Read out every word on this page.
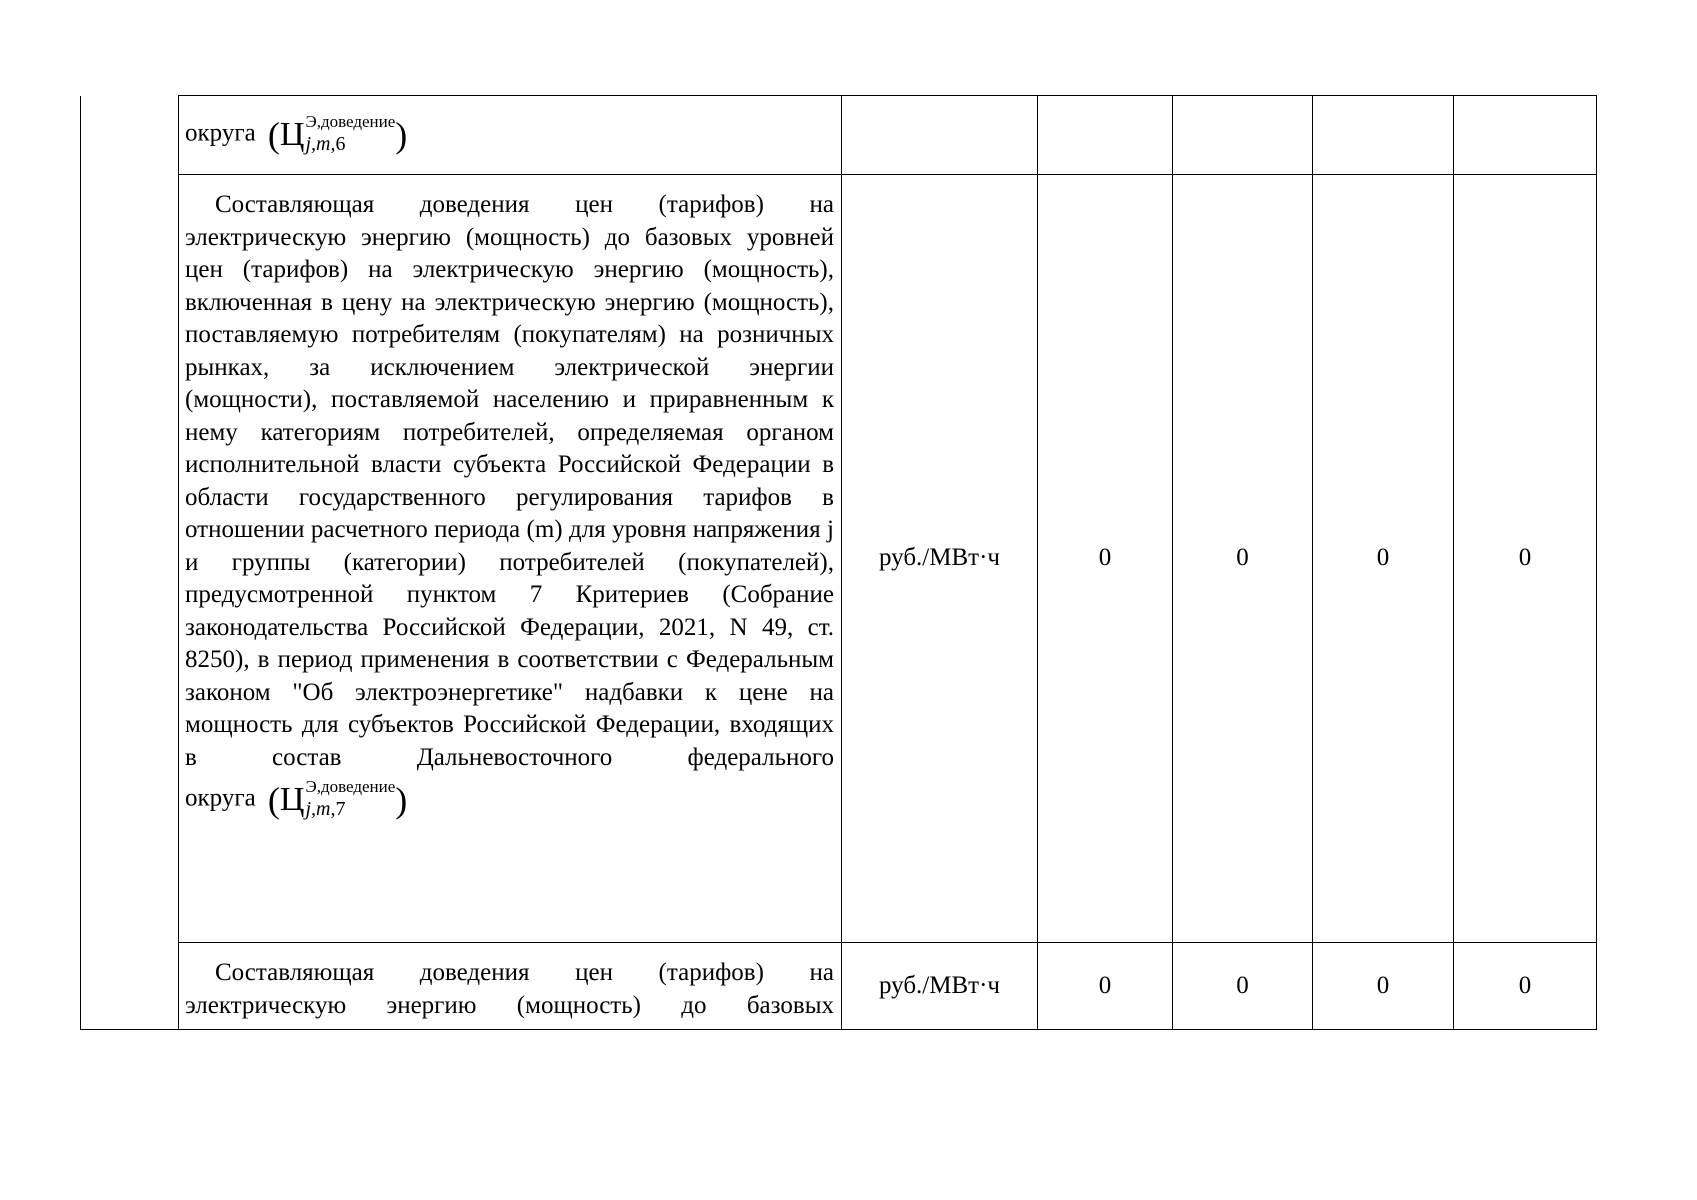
	округа (Ц Э,доведение
j,m,6 )					

	Составляющая доведения цен (тарифов) на электрическую энергию (мощность) до базовых уровней цен (тарифов) на электрическую энергию (мощность), включенная в цену на электрическую энергию (мощность), поставляемую потребителям (покупателям) на розничных рынках, за исключением электрической энергии (мощности), поставляемой населению и приравненным к нему категориям потребителей, определяемая органом исполнительной власти субъекта Российской Федерации в области государственного регулирования тарифов в отношении расчетного периода (m) для уровня напряжения j и группы (категории) потребителей (покупателей), предусмотренной пунктом 7 Критериев (Собрание законодательства Российской Федерации, 2021, N 49, ст. 8250), в период применения в соответствии с Федеральным законом "Об электроэнергетике" надбавки к цене на мощность для субъектов Российской Федерации, входящих в состав Дальневосточного федерального
округа (Ц Э,доведение
j,m,7 )	руб./МВт·ч	0	0	0	0

	Составляющая доведения цен (тарифов) на электрическую энергию (мощность) до базовых	руб./МВт·ч	0	0	0	0
